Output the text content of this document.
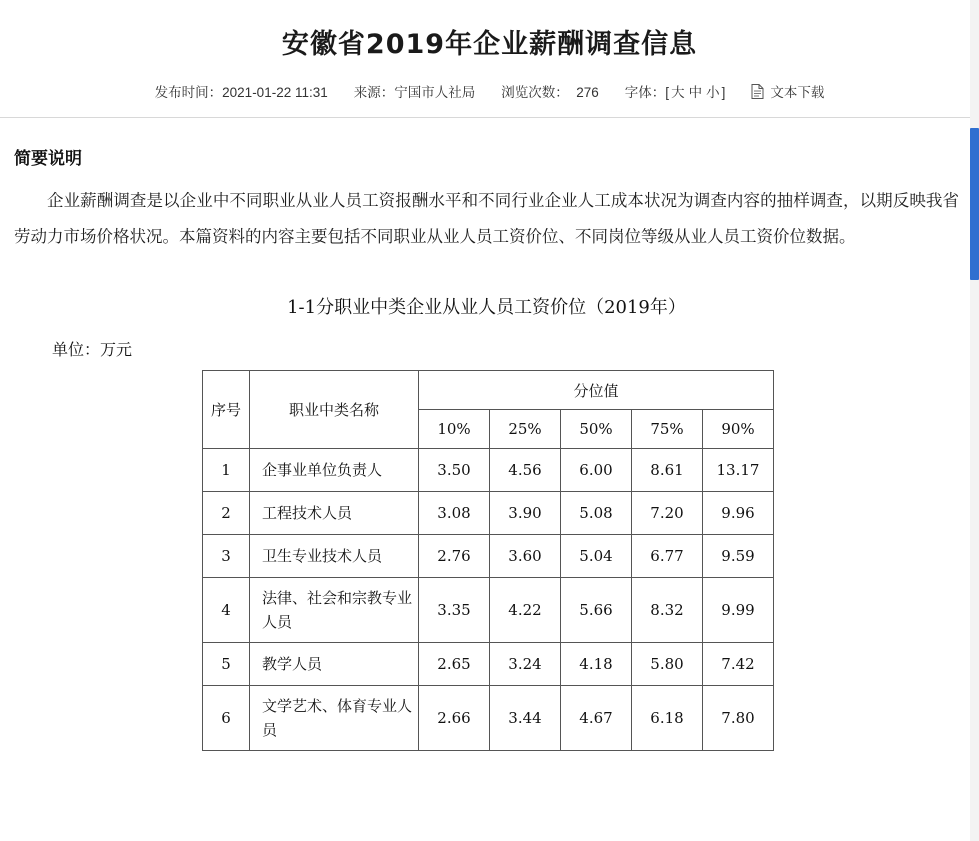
安徽省2019年企业薪酬调查信息
发布时间：2021-01-22 11:31 来源：宁国市人社局 浏览次数： 276 字体：[ 大 中 小 ]	文本下载
简要说明

企业薪酬调查是以企业中不同职业从业人员工资报酬水平和不同行业企业人工成本状况为调查内容的抽样调查，以期反映我省劳动力市场价格状况。本篇资料的内容主要包括不同职业从业人员工资价位、不同岗位等级从业人员工资价位数据。

1-1分职业中类企业从业人员工资价位（2019年）
单位：万元
序号	职业中类名称	分位值				
		10%	25%	50%	75%	90%
1	企事业单位负责人	3.50	4.56	6.00	8.61	13.17
2	工程技术人员	3.08	3.90	5.08	7.20	9.96
3	卫生专业技术人员	2.76	3.60	5.04	6.77	9.59
4	法律、社会和宗教专业人员	3.35	4.22	5.66	8.32	9.99
5	教学人员	2.65	3.24	4.18	5.80	7.42
6	文学艺术、体育专业人员	2.66	3.44	4.67	6.18	7.80
